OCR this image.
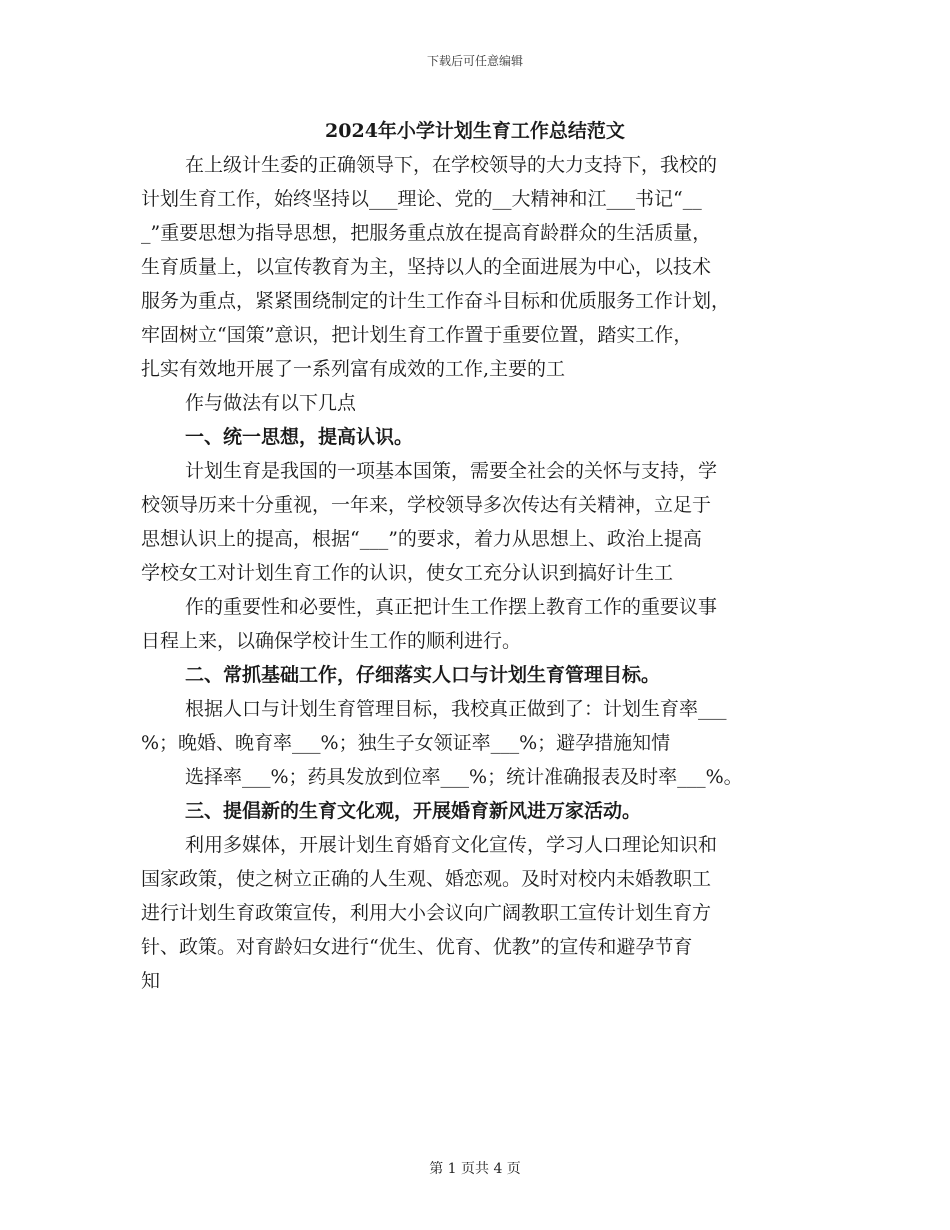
下载后可任意编辑
2024年小学计划生育工作总结范文
在上级计生委的正确领导下，在学校领导的大力支持下，我校的
计划生育工作，始终坚持以___理论、党的__大精神和江___书记“__
_”重要思想为指导思想，把服务重点放在提高育龄群众的生活质量，
生育质量上，以宣传教育为主，坚持以人的全面进展为中心，以技术
服务为重点，紧紧围绕制定的计生工作奋斗目标和优质服务工作计划，
牢固树立“国策”意识，把计划生育工作置于重要位置，踏实工作，
扎实有效地开展了一系列富有成效的工作,主要的工
作与做法有以下几点
一、统一思想，提高认识。
计划生育是我国的一项基本国策，需要全社会的关怀与支持，学
校领导历来十分重视，一年来，学校领导多次传达有关精神，立足于
思想认识上的提高，根据“___”的要求，着力从思想上、政治上提高
学校女工对计划生育工作的认识，使女工充分认识到搞好计生工
作的重要性和必要性，真正把计生工作摆上教育工作的重要议事
日程上来，以确保学校计生工作的顺利进行。
二、常抓基础工作，仔细落实人口与计划生育管理目标。
根据人口与计划生育管理目标，我校真正做到了：计划生育率___
%；晚婚、晚育率___%；独生子女领证率___%；避孕措施知情
选择率___%；药具发放到位率___%；统计准确报表及时率___%。
三、提倡新的生育文化观，开展婚育新风进万家活动。
利用多媒体，开展计划生育婚育文化宣传，学习人口理论知识和
国家政策，使之树立正确的人生观、婚恋观。及时对校内未婚教职工
进行计划生育政策宣传，利用大小会议向广阔教职工宣传计划生育方
针、政策。对育龄妇女进行“优生、优育、优教”的宣传和避孕节育
知
第 1 页共 4 页
